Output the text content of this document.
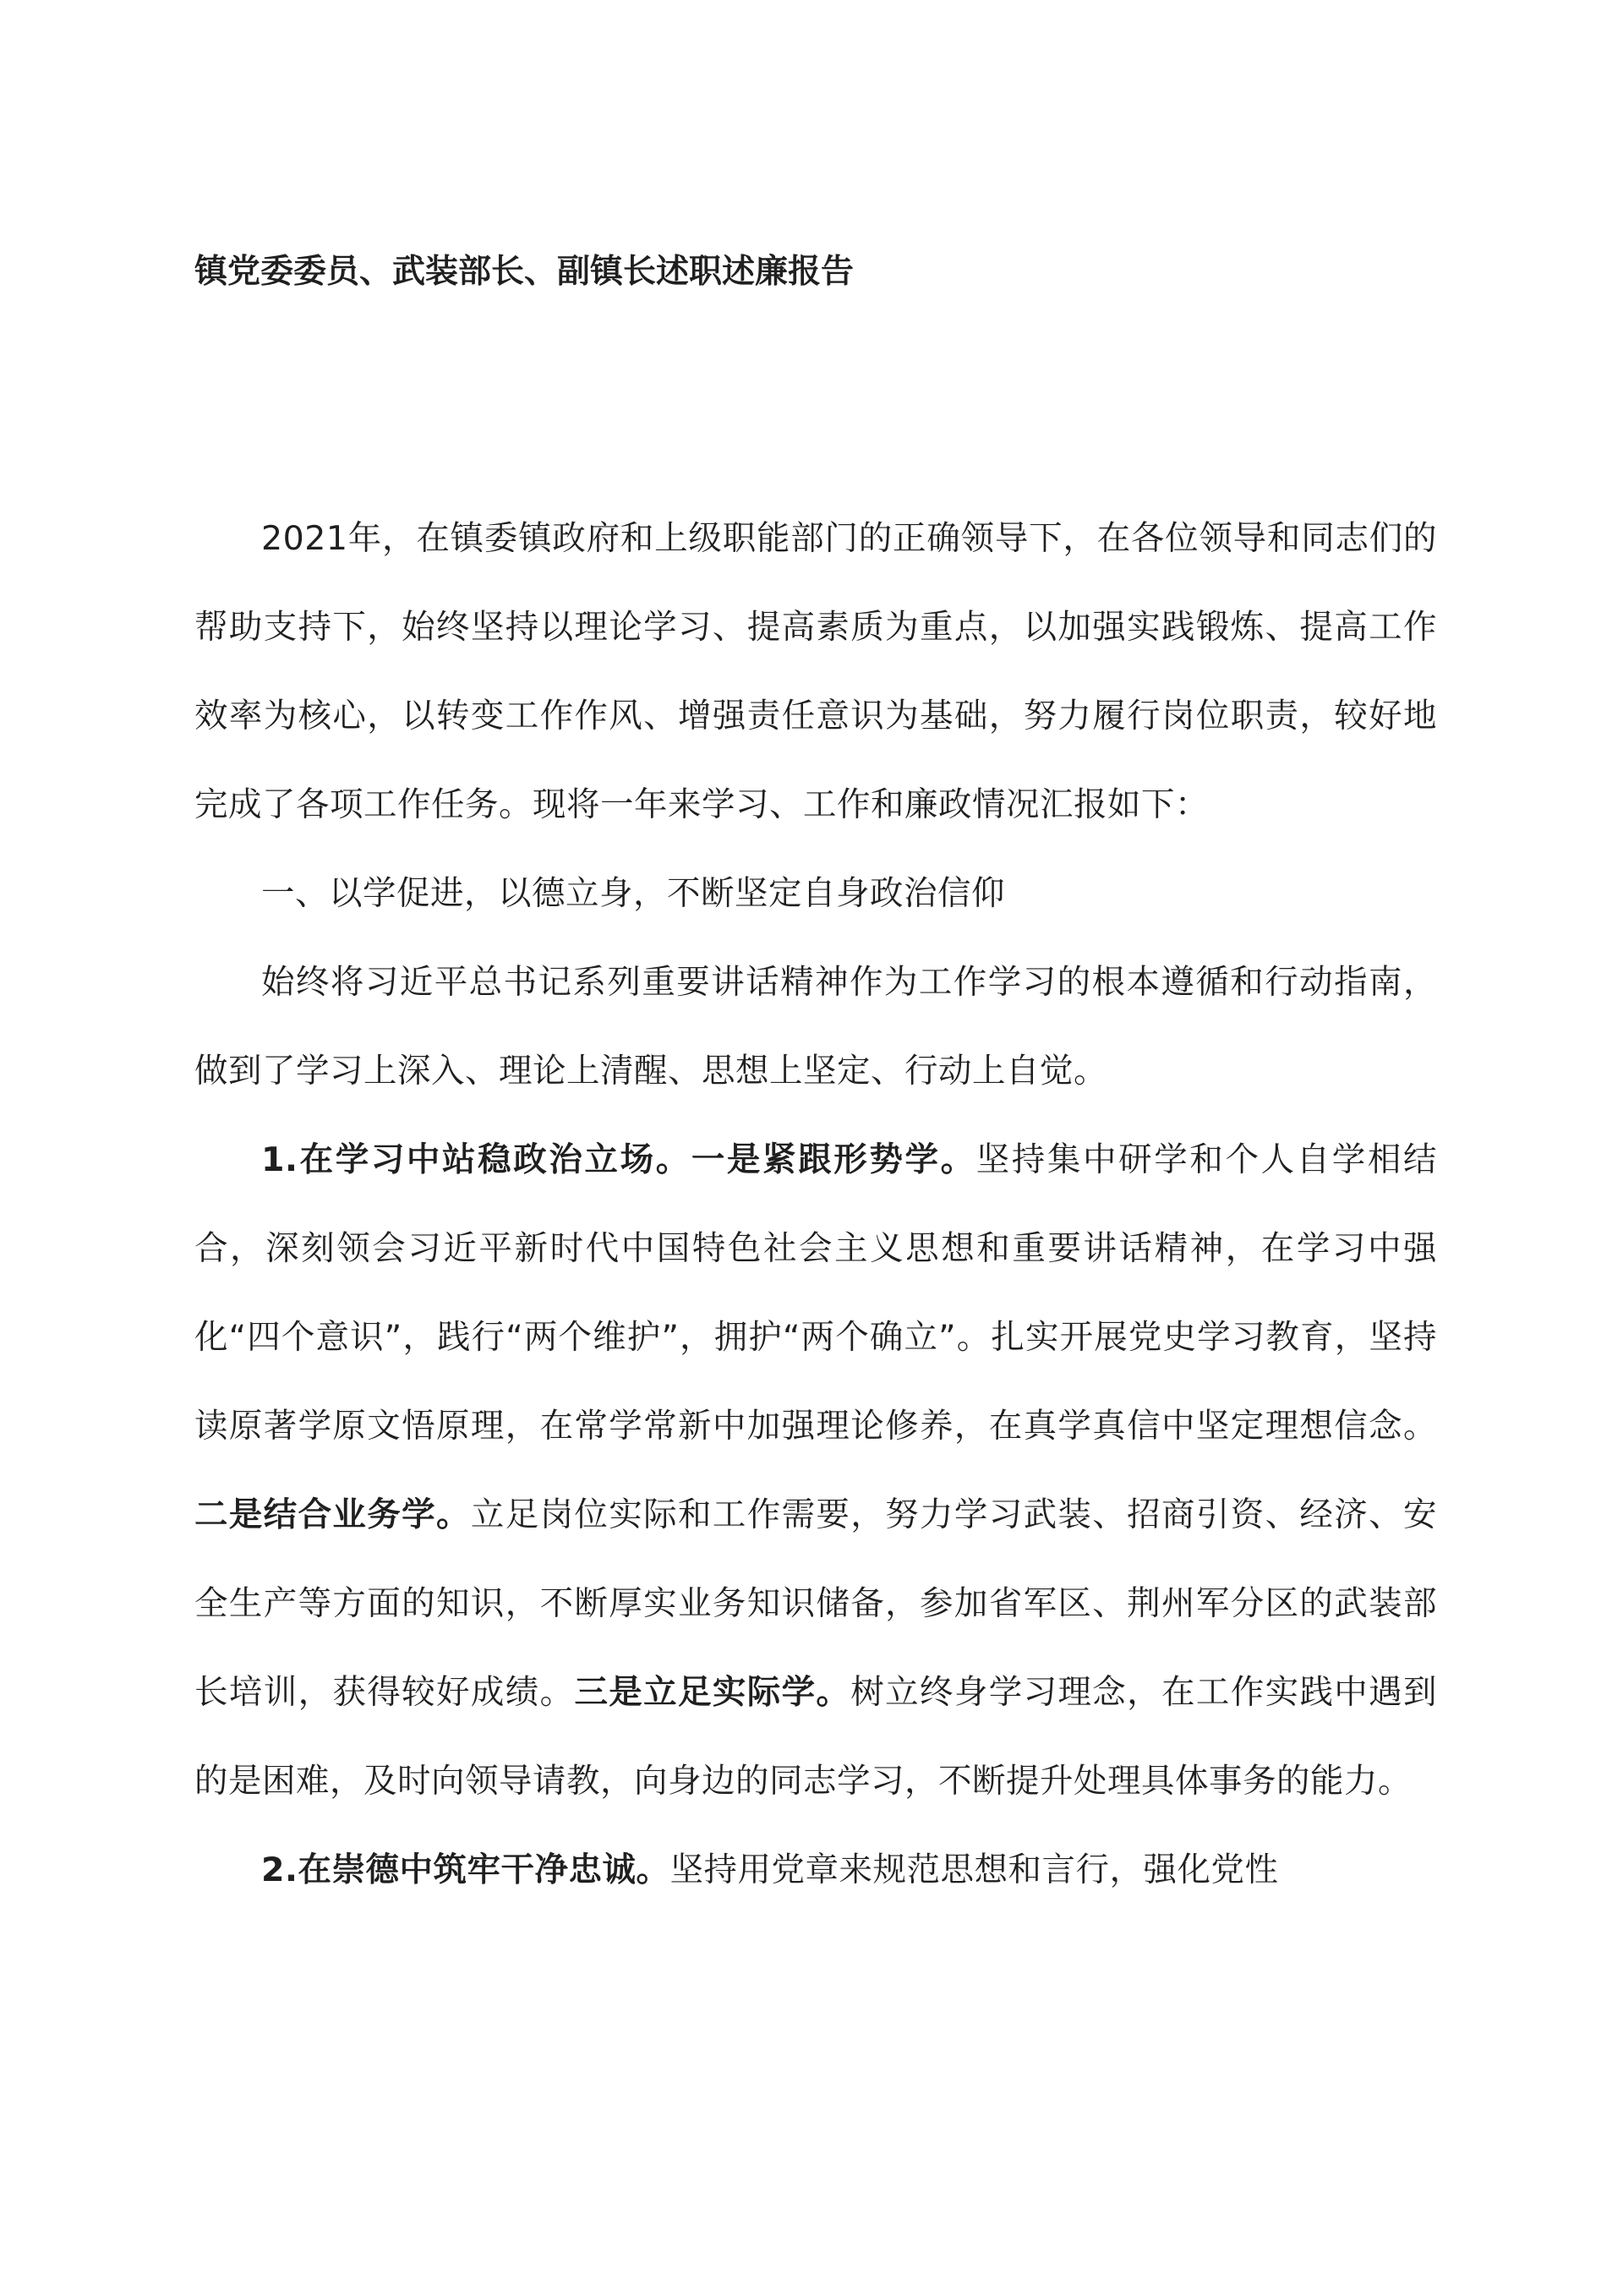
镇党委委员、武装部长、副镇长述职述廉报告

2021年，在镇委镇政府和上级职能部门的正确领导下，在各位领导和同志们的帮助支持下，始终坚持以理论学习、提高素质为重点，以加强实践锻炼、提高工作效率为核心，以转变工作作风、增强责任意识为基础，努力履行岗位职责，较好地完成了各项工作任务。现将一年来学习、工作和廉政情况汇报如下：

一、以学促进，以德立身，不断坚定自身政治信仰

始终将习近平总书记系列重要讲话精神作为工作学习的根本遵循和行动指南，做到了学习上深入、理论上清醒、思想上坚定、行动上自觉。

1.在学习中站稳政治立场。一是紧跟形势学。坚持集中研学和个人自学相结合，深刻领会习近平新时代中国特色社会主义思想和重要讲话精神，在学习中强化“四个意识”，践行“两个维护”，拥护“两个确立”。扎实开展党史学习教育，坚持读原著学原文悟原理，在常学常新中加强理论修养，在真学真信中坚定理想信念。二是结合业务学。立足岗位实际和工作需要，努力学习武装、招商引资、经济、安全生产等方面的知识，不断厚实业务知识储备，参加省军区、荆州军分区的武装部长培训，获得较好成绩。三是立足实际学。树立终身学习理念，在工作实践中遇到的是困难，及时向领导请教，向身边的同志学习，不断提升处理具体事务的能力。

2.在崇德中筑牢干净忠诚。坚持用党章来规范思想和言行，强化党性
